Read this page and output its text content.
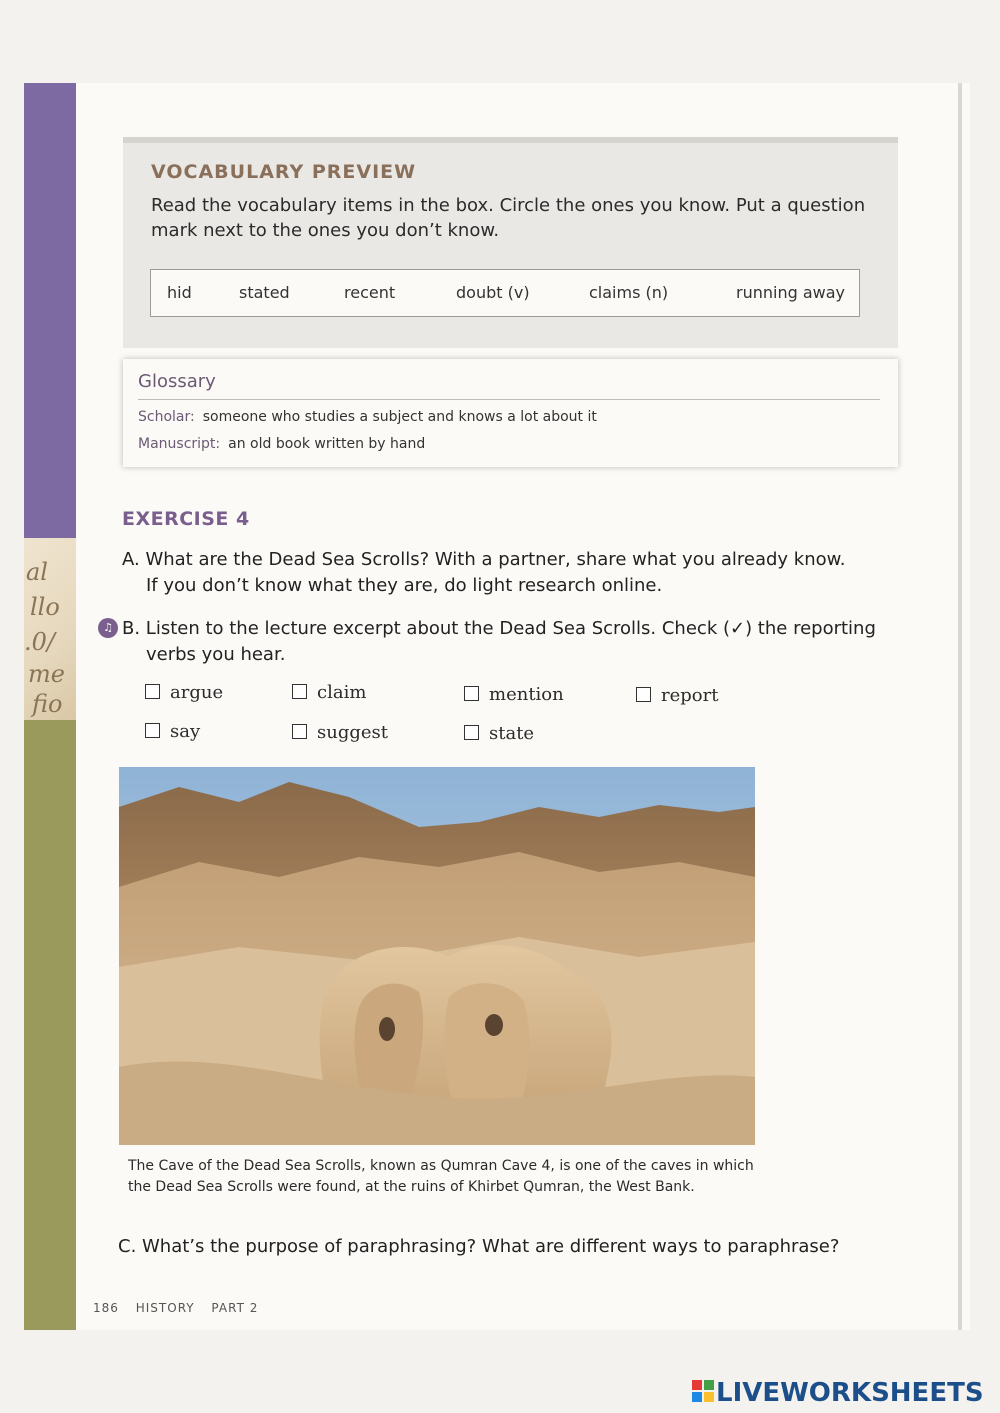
al
llo
.0/
me
fio
VOCABULARY PREVIEW
Read the vocabulary items in the box. Circle the ones you know. Put a question mark next to the ones you don’t know.
hid	stated	recent	doubt (v)	claims (n)	running away
Glossary
Scholar: someone who studies a subject and knows a lot about it
Manuscript: an old book written by hand
EXERCISE 4
A. What are the Dead Sea Scrolls? With a partner, share what you already know.
If you don’t know what they are, do light research online.
♫ B. Listen to the lecture excerpt about the Dead Sea Scrolls. Check (✓) the reporting
verbs you hear.
argue	claim	mention	report
say	suggest	state
The Cave of the Dead Sea Scrolls, known as Qumran Cave 4, is one of the caves in which the Dead Sea Scrolls were found, at the ruins of Khirbet Qumran, the West Bank.
C. What’s the purpose of paraphrasing? What are different ways to paraphrase?
186 HISTORY PART 2
LIVEWORKSHEETS
